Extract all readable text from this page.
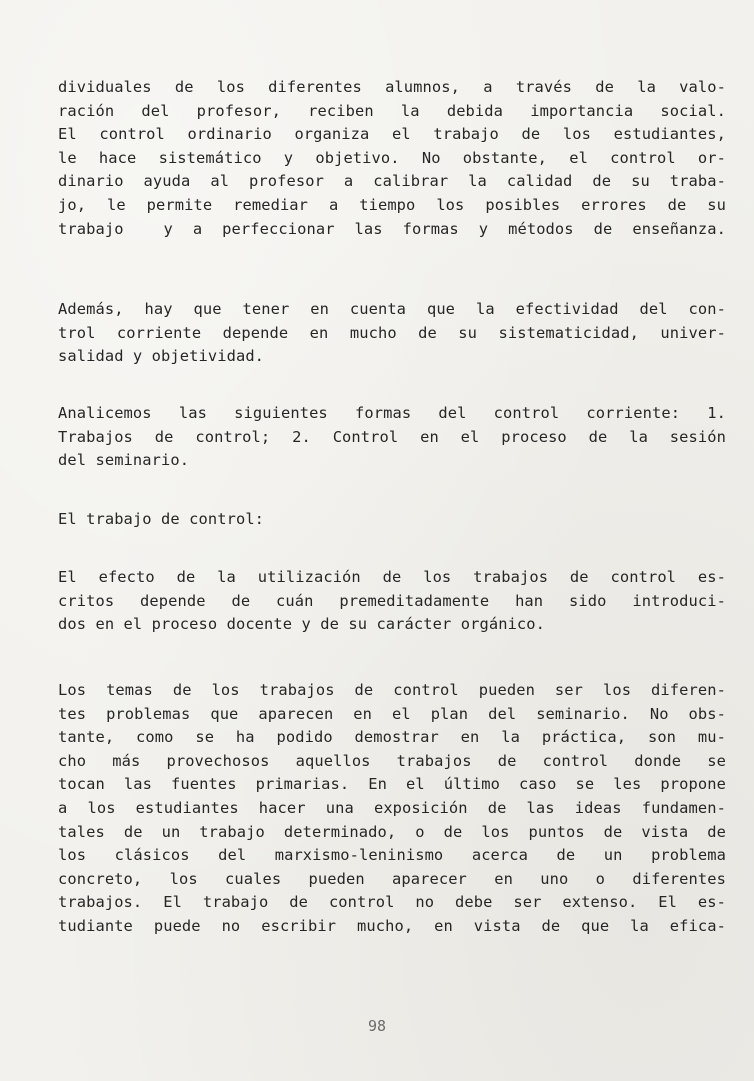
dividuales de los diferentes alumnos, a través de la valo-
ración del profesor, reciben la debida importancia social.
El control ordinario organiza el trabajo de los estudiantes,
le hace sistemático y objetivo. No obstante, el control or-
dinario ayuda al profesor a calibrar la calidad de su traba-
jo, le permite remediar a tiempo los posibles errores de su
trabajo  y a perfeccionar las formas y métodos de enseñanza.
Además, hay que tener en cuenta que la efectividad del con-
trol corriente depende en mucho de su sistematicidad, univer-
salidad y objetividad.
Analicemos las siguientes formas del control corriente: 1.
Trabajos de control; 2. Control en el proceso de la sesión
del seminario.
El trabajo de control:
El efecto de la utilización de los trabajos de control es-
critos depende de cuán premeditadamente han sido introduci-
dos en el proceso docente y de su carácter orgánico.
Los temas de los trabajos de control pueden ser los diferen-
tes problemas que aparecen en el plan del seminario. No obs-
tante, como se ha podido demostrar en la práctica, son mu-
cho más provechosos aquellos trabajos de control donde se
tocan las fuentes primarias. En el último caso se les propone
a los estudiantes hacer una exposición de las ideas fundamen-
tales de un trabajo determinado, o de los puntos de vista de
los clásicos del marxismo-leninismo acerca de un problema
concreto, los cuales pueden aparecer en uno o diferentes
trabajos. El trabajo de control no debe ser extenso. El es-
tudiante puede no escribir mucho, en vista de que la efica-
98
